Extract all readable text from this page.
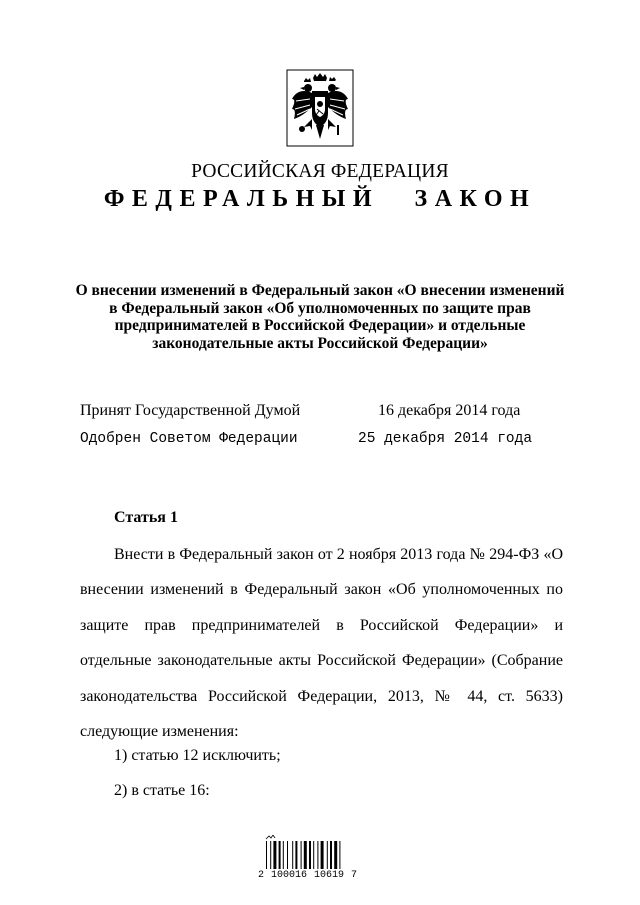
РОССИЙСКАЯ ФЕДЕРАЦИЯ
ФЕДЕРАЛЬНЫЙ ЗАКОН
О внесении изменений в Федеральный закон «О внесении изменений
в Федеральный закон «Об уполномоченных по защите прав
предпринимателей в Российской Федерации» и отдельные
законодательные акты Российской Федерации»
Принят Государственной Думой	16 декабря 2014 года
Одобрен Советом Федерации	25 декабря 2014 года
Статья 1
Внести в Федеральный закон от 2 ноября 2013 года № 294-ФЗ «О внесении изменений в Федеральный закон «Об уполномоченных по защите прав предпринимателей в Российской Федерации» и отдельные законодательные акты Российской Федерации» (Собрание законодательства Российской Федерации, 2013, № 44, ст. 5633) следующие изменения:
1) статью 12 исключить;
2) в статье 16:
2 100016 10619 7
